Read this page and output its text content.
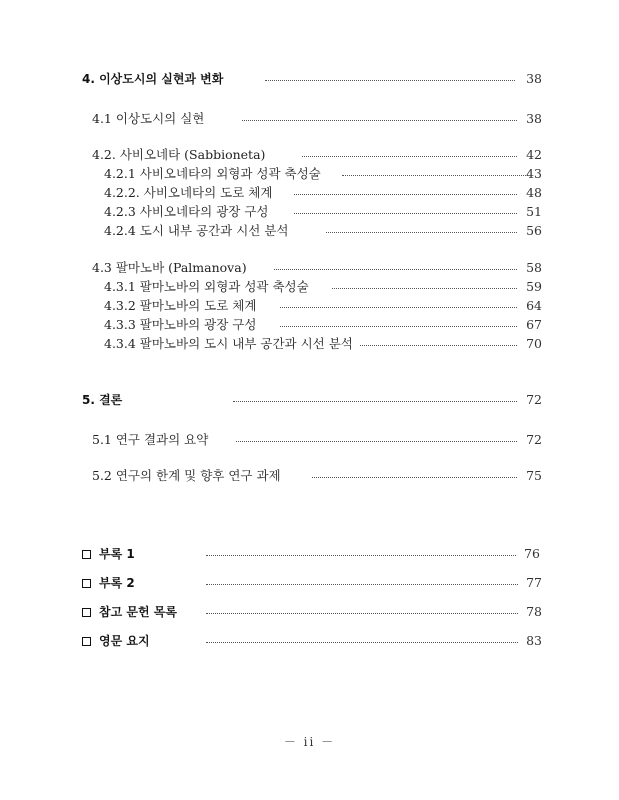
4. 이상도시의 실현과 변화	38
4.1 이상도시의 실현	38
4.2. 사비오네타 (Sabbioneta)	42
4.2.1 사비오네타의 외형과 성곽 축성술	43
4.2.2. 사비오네타의 도로 체계	48
4.2.3 사비오네타의 광장 구성	51
4.2.4 도시 내부 공간과 시선 분석	56
4.3 팔마노바 (Palmanova)	58
4.3.1 팔마노바의 외형과 성곽 축성술	59
4.3.2 팔마노바의 도로 체계	64
4.3.3 팔마노바의 광장 구성	67
4.3.4 팔마노바의 도시 내부 공간과 시선 분석	70
5. 결론	72
5.1 연구 결과의 요약	72
5.2 연구의 한계 및 향후 연구 과제	75
부록 1	76
부록 2	77
참고 문헌 목록	78
영문 요지	83
－ ii －
